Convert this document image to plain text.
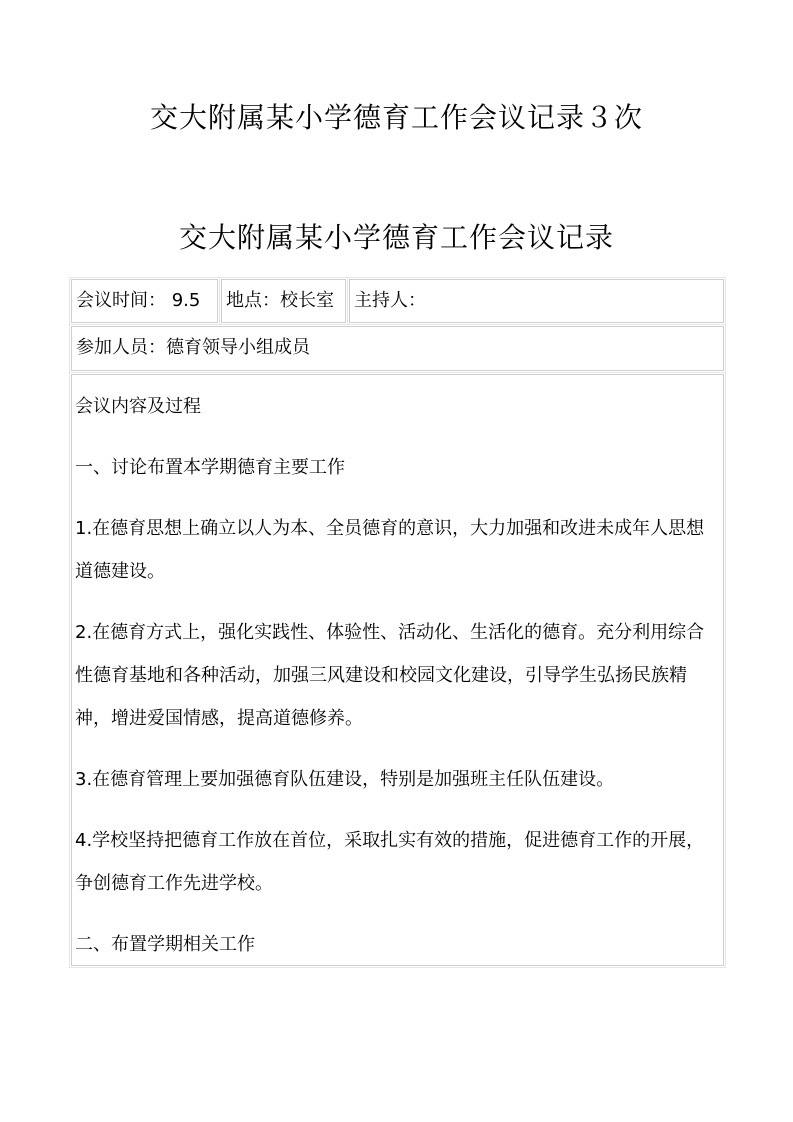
交大附属某小学德育工作会议记录３次
交大附属某小学德育工作会议记录
会议时间： 9.5	地点：校长室	主持人：
参加人员：德育领导小组成员

会议内容及过程

一、讨论布置本学期德育主要工作

1.在德育思想上确立以人为本、全员德育的意识，大力加强和改进未成年人思想道德建设。

2.在德育方式上，强化实践性、体验性、活动化、生活化的德育。充分利用综合性德育基地和各种活动，加强三风建设和校园文化建设，引导学生弘扬民族精神，增进爱国情感，提高道德修养。

3.在德育管理上要加强德育队伍建设，特别是加强班主任队伍建设。

4.学校坚持把德育工作放在首位，采取扎实有效的措施，促进德育工作的开展，争创德育工作先进学校。

二、布置学期相关工作
